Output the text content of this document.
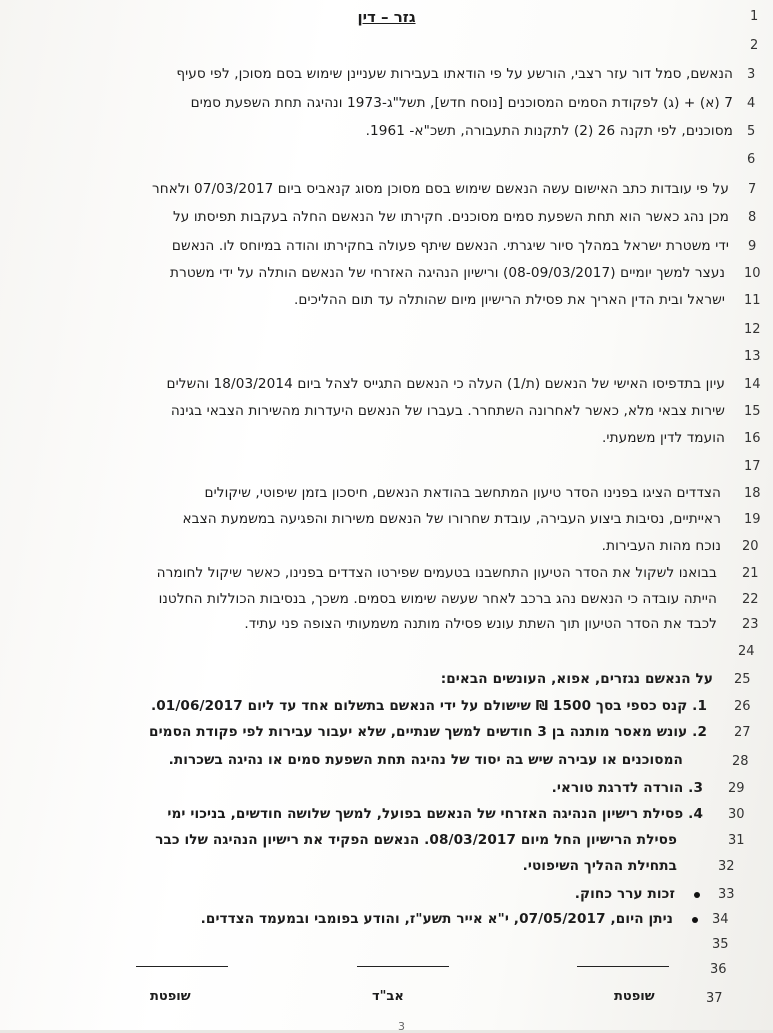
גזר – דין	1
2
3
4
5
6
7
8
9
10
11
12
13
14
15
16
17
18
19
20
21
22
23
24
25
26
27
28
29
30
31
32
33
34
35
36
37
הנאשם, סמל דור עזר רצבי, הורשע על פי הודאתו בעבירות שעניינן שימוש בסם מסוכן, לפי סעיף
7 (א) + (ג) לפקודת הסמים המסוכנים [נוסח חדש], תשל"ג-1973 ונהיגה תחת השפעת סמים
מסוכנים, לפי תקנה 26 (2) לתקנות התעבורה, תשכ"א- 1961.
על פי עובדות כתב האישום עשה הנאשם שימוש בסם מסוכן מסוג קנאביס ביום 07/03/2017 ולאחר
מכן נהג כאשר הוא תחת השפעת סמים מסוכנים. חקירתו של הנאשם החלה בעקבות תפיסתו על
ידי משטרת ישראל במהלך סיור שיגרתי. הנאשם שיתף פעולה בחקירתו והודה במיוחס לו. הנאשם
נעצר למשך יומיים (08-09/03/2017) ורישיון הנהיגה האזרחי של הנאשם הותלה על ידי משטרת
ישראל ובית הדין האריך את פסילת הרישיון מיום שהותלה עד תום ההליכים.
עיון בתדפיסו האישי של הנאשם (ת/1) העלה כי הנאשם התגייס לצהל ביום 18/03/2014 והשלים
שירות צבאי מלא, כאשר לאחרונה השתחרר. בעברו של הנאשם היעדרות מהשירות הצבאי בגינה
הועמד לדין משמעתי.
הצדדים הציגו בפנינו הסדר טיעון המתחשב בהודאת הנאשם, חיסכון בזמן שיפוטי, שיקולים
ראייתיים, נסיבות ביצוע העבירה, עובדת שחרורו של הנאשם משירות והפגיעה במשמעת הצבא
נוכח מהות העבירות.
בבואנו לשקול את הסדר הטיעון התחשבנו בטעמים שפירטו הצדדים בפנינו, כאשר שיקול לחומרה
הייתה עובדה כי הנאשם נהג ברכב לאחר שעשה שימוש בסמים. משכך, בנסיבות הכוללות החלטנו
לכבד את הסדר הטיעון תוך השתת עונש פסילה מותנה משמעותי הצופה פני עתיד.
על הנאשם נגזרים, אפוא, העונשים הבאים:
1. קנס כספי בסך 1500 ₪ שישולם על ידי הנאשם בתשלום אחד עד ליום 01/06/2017.
2. עונש מאסר מותנה בן 3 חודשים למשך שנתיים, שלא יעבור עבירות לפי פקודת הסמים
המסוכנים או עבירה שיש בה יסוד של נהיגה תחת השפעת סמים או נהיגה בשכרות.
3. הורדה לדרגת טוראי.
4. פסילת רישיון הנהיגה האזרחי של הנאשם בפועל, למשך שלושה חודשים, בניכוי ימי
פסילת הרישיון החל מיום 08/03/2017. הנאשם הפקיד את רישיון הנהיגה שלו כבר
בתחילת ההליך השיפוטי.
זכות ערר כחוק.
ניתן היום, 07/05/2017, י"א אייר תשע"ז, והודע בפומבי ובמעמד הצדדים.
שופטת	אב"ד	שופטת
3
